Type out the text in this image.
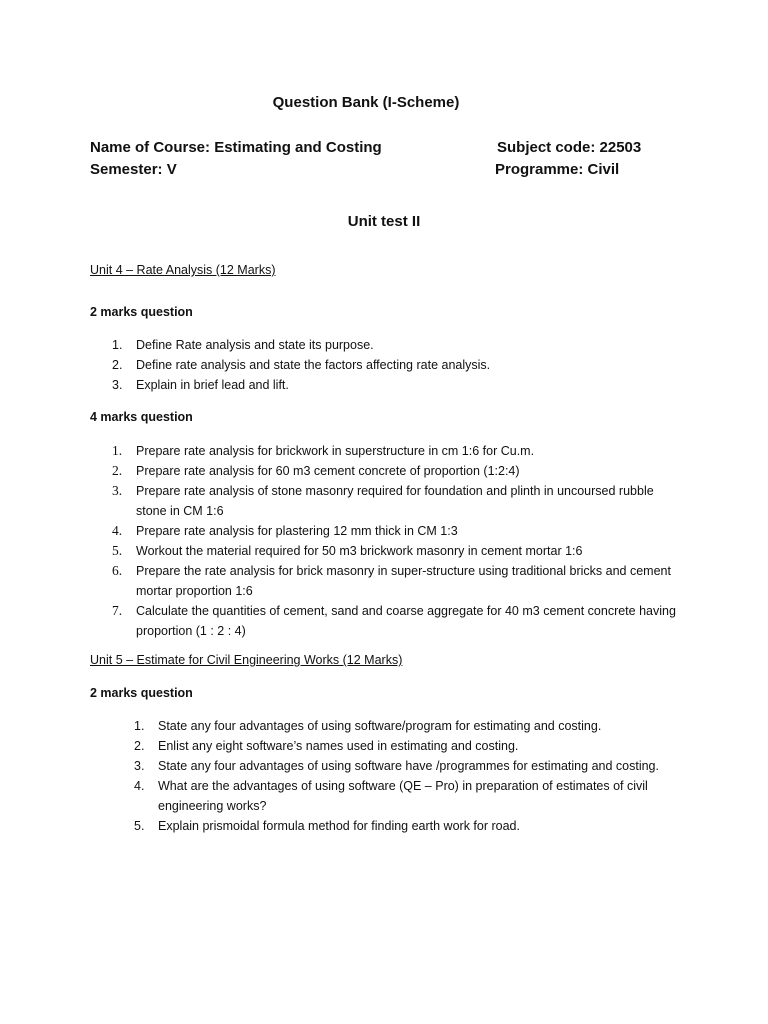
Question Bank (I-Scheme)
Name of Course: Estimating and Costing	Subject code: 22503
Semester: V	Programme: Civil
Unit test II
Unit 4 – Rate Analysis (12 Marks)
2 marks question
1. Define Rate analysis and state its purpose.
2. Define rate analysis and state the factors affecting rate analysis.
3. Explain in brief lead and lift.
4 marks question
1. Prepare rate analysis for brickwork in superstructure in cm 1:6 for Cu.m.
2. Prepare rate analysis for 60 m3 cement concrete of proportion (1:2:4)
3. Prepare rate analysis of stone masonry required for foundation and plinth in uncoursed rubble stone in CM 1:6
4. Prepare rate analysis for plastering 12 mm thick in CM 1:3
5. Workout the material required for 50 m3 brickwork masonry in cement mortar 1:6
6. Prepare the rate analysis for brick masonry in super-structure using traditional bricks and cement mortar proportion 1:6
7. Calculate the quantities of cement, sand and coarse aggregate for 40 m3 cement concrete having proportion (1 : 2 : 4)
Unit 5 – Estimate for Civil Engineering Works (12 Marks)
2 marks question
1. State any four advantages of using software/program for estimating and costing.
2. Enlist any eight software’s names used in estimating and costing.
3. State any four advantages of using software have /programmes for estimating and costing.
4. What are the advantages of using software (QE – Pro) in preparation of estimates of civil engineering works?
5. Explain prismoidal formula method for finding earth work for road.
